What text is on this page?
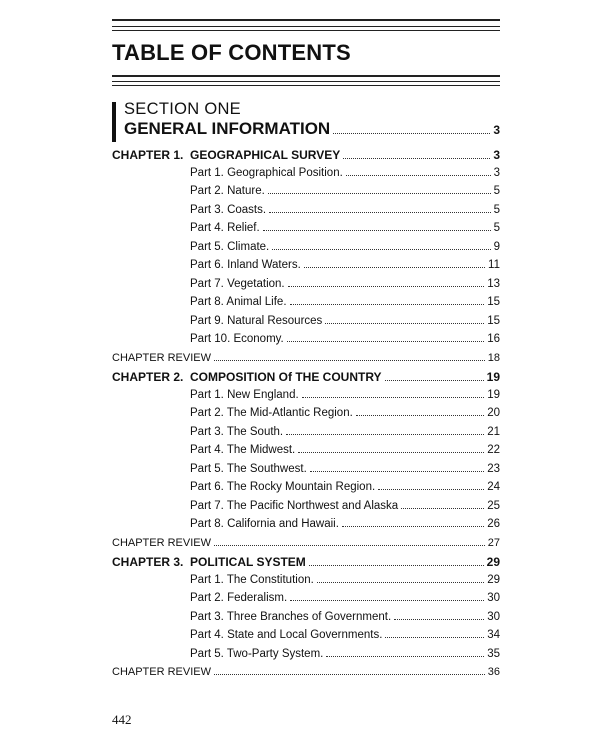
TABLE OF CONTENTS
SECTION ONE
GENERAL INFORMATION	3
CHAPTER 1. GEOGRAPHICAL SURVEY	3
Part 1. Geographical Position.	3
Part 2. Nature.	5
Part 3. Coasts.	5
Part 4. Relief.	5
Part 5. Climate.	9
Part 6. Inland Waters.	11
Part 7. Vegetation.	13
Part 8. Animal Life.	15
Part 9. Natural Resources	15
Part 10. Economy.	16
CHAPTER REVIEW	18
CHAPTER 2. COMPOSITION Of THE COUNTRY	19
Part 1. New England.	19
Part 2. The Mid-Atlantic Region.	20
Part 3. The South.	21
Part 4. The Midwest.	22
Part 5. The Southwest.	23
Part 6. The Rocky Mountain Region.	24
Part 7. The Pacific Northwest and Alaska	25
Part 8. California and Hawaii.	26
CHAPTER REVIEW	27
CHAPTER 3. POLITICAL SYSTEM	29
Part 1. The Constitution.	29
Part 2. Federalism.	30
Part 3. Three Branches of Government.	30
Part 4. State and Local Governments.	34
Part 5. Two-Party System.	35
CHAPTER REVIEW	36
442
